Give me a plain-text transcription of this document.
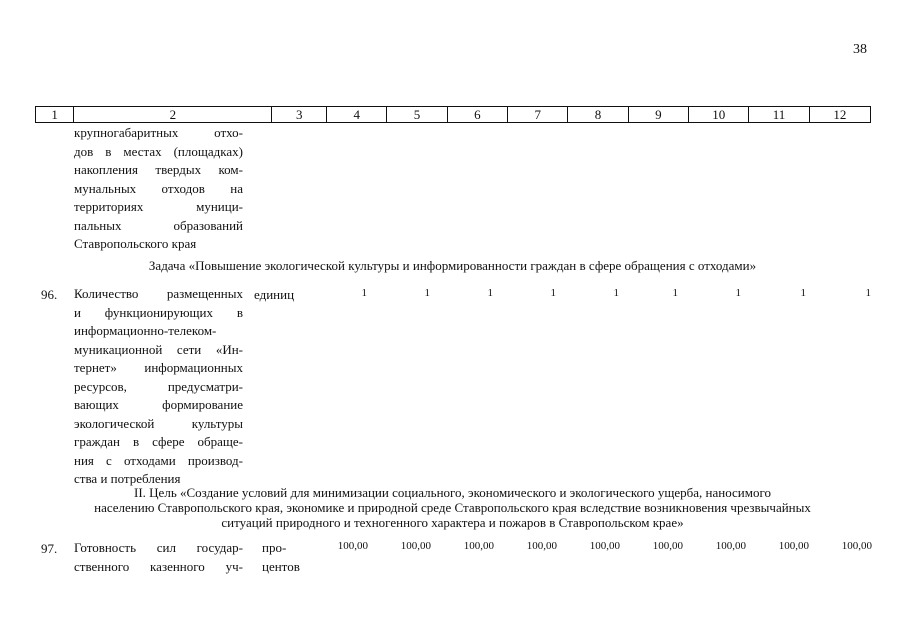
38
1	2	3	4	5	6	7	8	9	10	11	12
крупногабаритных отхо-
дов в местах (площадках)
накопления твердых ком-
мунальных отходов на
территориях муници-
пальных образований
Ставропольского края
Задача «Повышение экологической культуры и информированности граждан в сфере обращения с отходами»
96. Количество размещенных
и функционирующих в
информационно-телеком-
муникационной сети «Ин-
тернет» информационных
ресурсов, предусматри-
вающих формирование
экологической культуры
граждан в сфере обраще-
ния с отходами производ-
ства и потребления
единиц	1	1	1	1	1	1	1	1	1
II. Цель «Создание условий для минимизации социального, экономического и экологического ущерба, наносимого
населению Ставропольского края, экономике и природной среде Ставропольского края вследствие возникновения чрезвычайных
ситуаций природного и техногенного характера и пожаров в Ставропольском крае»
97. Готовность сил государ-
ственного казенного уч-
про-
центов
100,00	100,00	100,00	100,00	100,00	100,00	100,00	100,00	100,00
